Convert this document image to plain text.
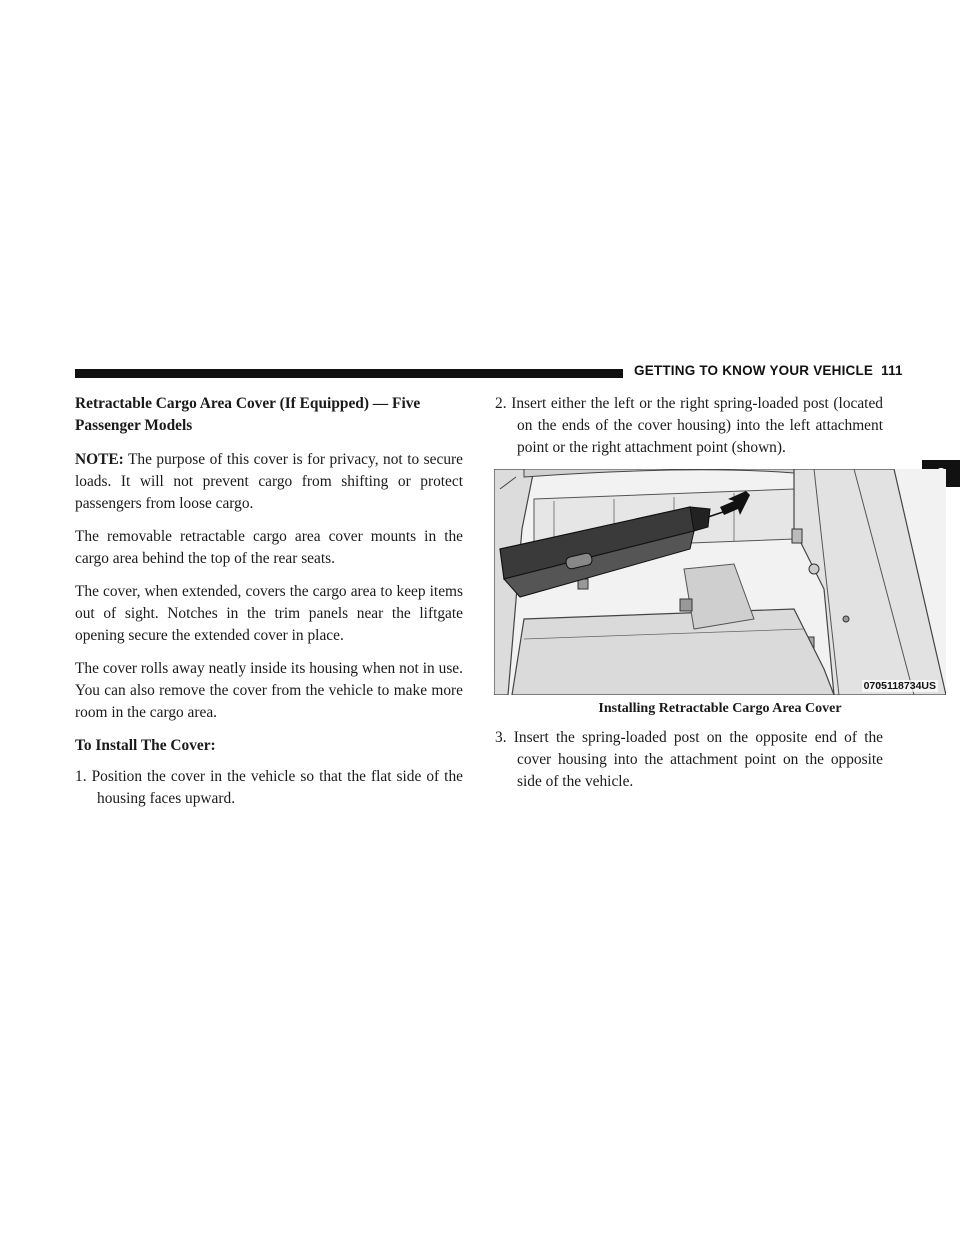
GETTING TO KNOW YOUR VEHICLE 111

Retractable Cargo Area Cover (If Equipped) — Five Passenger Models

NOTE: The purpose of this cover is for privacy, not to secure loads. It will not prevent cargo from shifting or protect passengers from loose cargo.

The removable retractable cargo area cover mounts in the cargo area behind the top of the rear seats.

The cover, when extended, covers the cargo area to keep items out of sight. Notches in the trim panels near the liftgate opening secure the extended cover in place.

The cover rolls away neatly inside its housing when not in use. You can also remove the cover from the vehicle to make more room in the cargo area.

To Install The Cover:

1. Position the cover in the vehicle so that the flat side of the housing faces upward.

2. Insert either the left or the right spring-loaded post (located on the ends of the cover housing) into the left attachment point or the right attachment point (shown).

0705118734US

Installing Retractable Cargo Area Cover

3. Insert the spring-loaded post on the opposite end of the cover housing into the attachment point on the opposite side of the vehicle.
